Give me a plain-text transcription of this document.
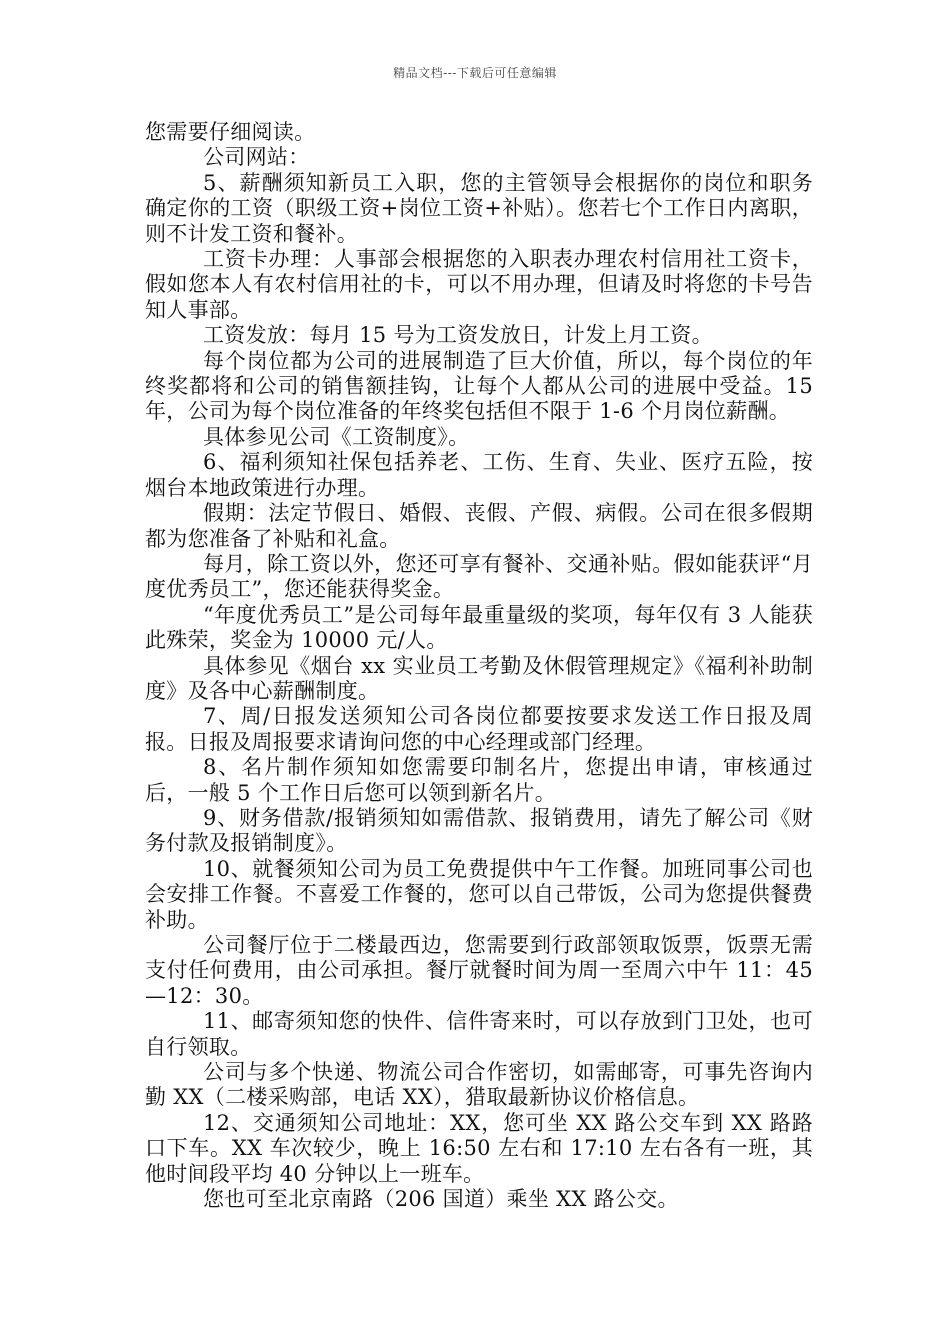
精品文档---下载后可任意编辑

您需要仔细阅读。

公司网站：

5、薪酬须知新员工入职，您的主管领导会根据你的岗位和职务确定你的工资（职级工资+岗位工资+补贴）。您若七个工作日内离职，则不计发工资和餐补。

工资卡办理：人事部会根据您的入职表办理农村信用社工资卡，假如您本人有农村信用社的卡，可以不用办理，但请及时将您的卡号告知人事部。

工资发放：每月 15 号为工资发放日，计发上月工资。

每个岗位都为公司的进展制造了巨大价值，所以，每个岗位的年终奖都将和公司的销售额挂钩，让每个人都从公司的进展中受益。15 年，公司为每个岗位准备的年终奖包括但不限于 1-6 个月岗位薪酬。

具体参见公司《工资制度》。

6、福利须知社保包括养老、工伤、生育、失业、医疗五险，按烟台本地政策进行办理。

假期：法定节假日、婚假、丧假、产假、病假。公司在很多假期都为您准备了补贴和礼盒。

每月，除工资以外，您还可享有餐补、交通补贴。假如能获评“月度优秀员工”，您还能获得奖金。

“年度优秀员工”是公司每年最重量级的奖项，每年仅有 3 人能获此殊荣，奖金为 10000 元/人。

具体参见《烟台 xx 实业员工考勤及休假管理规定》《福利补助制度》及各中心薪酬制度。

7、周/日报发送须知公司各岗位都要按要求发送工作日报及周报。日报及周报要求请询问您的中心经理或部门经理。

8、名片制作须知如您需要印制名片，您提出申请，审核通过后，一般 5 个工作日后您可以领到新名片。

9、财务借款/报销须知如需借款、报销费用，请先了解公司《财务付款及报销制度》。

10、就餐须知公司为员工免费提供中午工作餐。加班同事公司也会安排工作餐。不喜爱工作餐的，您可以自己带饭，公司为您提供餐费补助。

公司餐厅位于二楼最西边，您需要到行政部领取饭票，饭票无需支付任何费用，由公司承担。餐厅就餐时间为周一至周六中午 11：45—12：30。

11、邮寄须知您的快件、信件寄来时，可以存放到门卫处，也可自行领取。

公司与多个快递、物流公司合作密切，如需邮寄，可事先咨询内勤 XX（二楼采购部，电话 XX），猎取最新协议价格信息。

12、交通须知公司地址：XX，您可坐 XX 路公交车到 XX 路路口下车。XX 车次较少，晚上 16:50 左右和 17:10 左右各有一班，其他时间段平均 40 分钟以上一班车。

您也可至北京南路（206 国道）乘坐 XX 路公交。
